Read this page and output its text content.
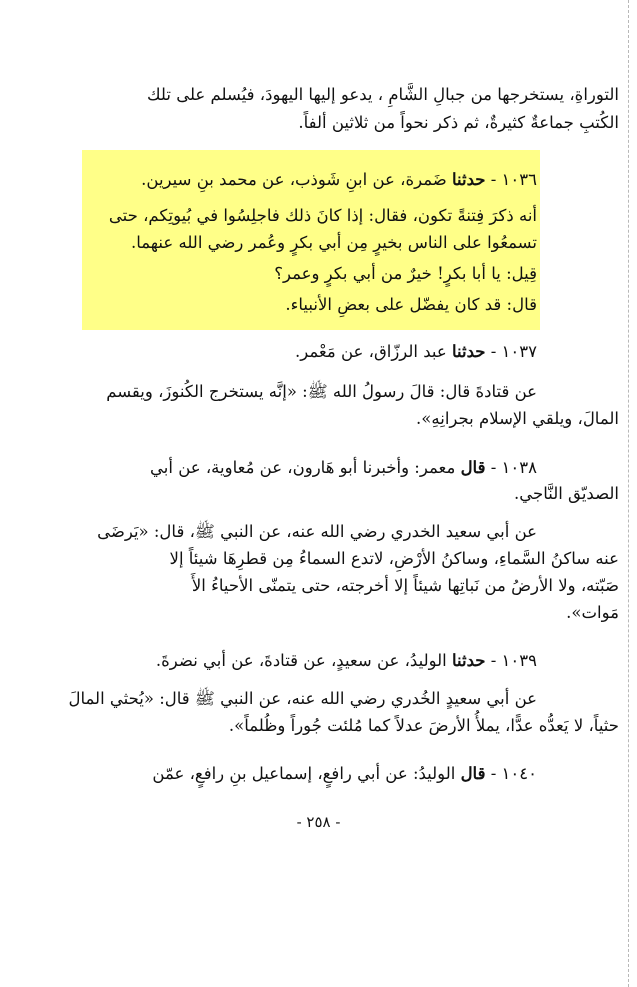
التوراةِ، يستخرجها من جبالِ الشَّامِ ، يدعو إليها اليهودَ، فيُسلم على تلك
الكُتبِ جماعةٌ كثيرةٌ، ثم ذكر نحواً من ثلاثين ألفاً.
١٠٣٦ - حدثنا ضَمرة، عن ابنِ شَوذب، عن محمد بنِ سيرين.
أنه ذكرَ فِتنةً تكون، فقال: إذا كانَ ذلك فاجلِسُوا في بُيوتِكم، حتى
تسمعُوا على الناس بخيرٍ مِن أبي بكرٍ وعُمر رضي الله عنهما.
قِيل: يا أبا بكرٍ! خيرٌ من أبي بكرٍ وعمر؟
قال: قد كان يفضّل على بعضِ الأنبياء.
١٠٣٧ - حدثنا عبد الرزّاق، عن مَعْمر.
عن قتادةَ قال: قالَ رسولُ الله ﷺ: «إنَّه يستخرج الكُنوزَ، ويقسم
المالَ، ويلقي الإسلام بجرانِهِ».
١٠٣٨ - قال معمر: وأخبرنا أبو هَارون، عن مُعاوية، عن أبي
الصديّق النَّاجي.
عن أبي سعيد الخدري رضي الله عنه، عن النبي ﷺ، قال: «يَرضَى
عنه ساكنُ السَّماءِ، وساكنُ الأرْضِ، لاتدع السماءُ مِن قطرِهَا شيئاً إلا
صَبّته، ولا الأرضُ من نَباتِها شيئاً إلا أخرجته، حتى يتمنّى الأحياءُ الأَ
مَوات».
١٠٣٩ - حدثنا الوليدُ، عن سعيدٍ، عن قتادةَ، عن أبي نضرةَ.
عن أبي سعيدٍ الخُدري رضي الله عنه، عن النبي ﷺ قال: «يُحثي المالَ
حثياً، لا يَعدُّه عدًّا، يملأُ الأرضَ عدلاً كما مُلئت جُوراً وظُلماً».
١٠٤٠ - قال الوليدُ: عن أبي رافعٍ، إسماعيل بنِ رافعٍ، عمّن
- ٢٥٨ -
